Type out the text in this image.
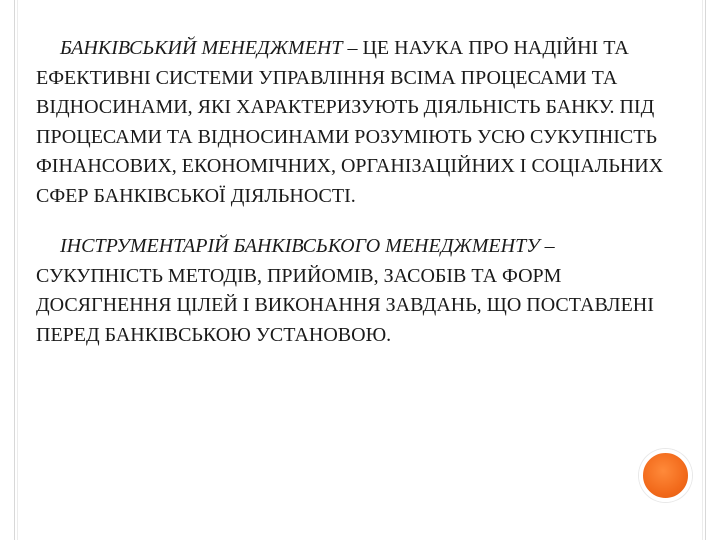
БАНКІВСЬКИЙ МЕНЕДЖМЕНТ – ЦЕ НАУКА ПРО НАДІЙНІ ТА ЕФЕКТИВНІ СИСТЕМИ УПРАВЛІННЯ ВСІМА ПРОЦЕСАМИ ТА ВІДНОСИНАМИ, ЯКІ ХАРАКТЕРИЗУЮТЬ ДІЯЛЬНІСТЬ БАНКУ. ПІД ПРОЦЕСАМИ ТА ВІДНОСИНАМИ РОЗУМІЮТЬ УСЮ СУКУПНІСТЬ ФІНАНСОВИХ, ЕКОНОМІЧНИХ, ОРГАНІЗАЦІЙНИХ І СОЦІАЛЬНИХ СФЕР БАНКІВСЬКОЇ ДІЯЛЬНОСТІ.

ІНСТРУМЕНТАРІЙ БАНКІВСЬКОГО МЕНЕДЖМЕНТУ – СУКУПНІСТЬ МЕТОДІВ, ПРИЙОМІВ, ЗАСОБІВ ТА ФОРМ ДОСЯГНЕННЯ ЦІЛЕЙ І ВИКОНАННЯ ЗАВДАНЬ, ЩО ПОСТАВЛЕНІ ПЕРЕД БАНКІВСЬКОЮ УСТАНОВОЮ.
